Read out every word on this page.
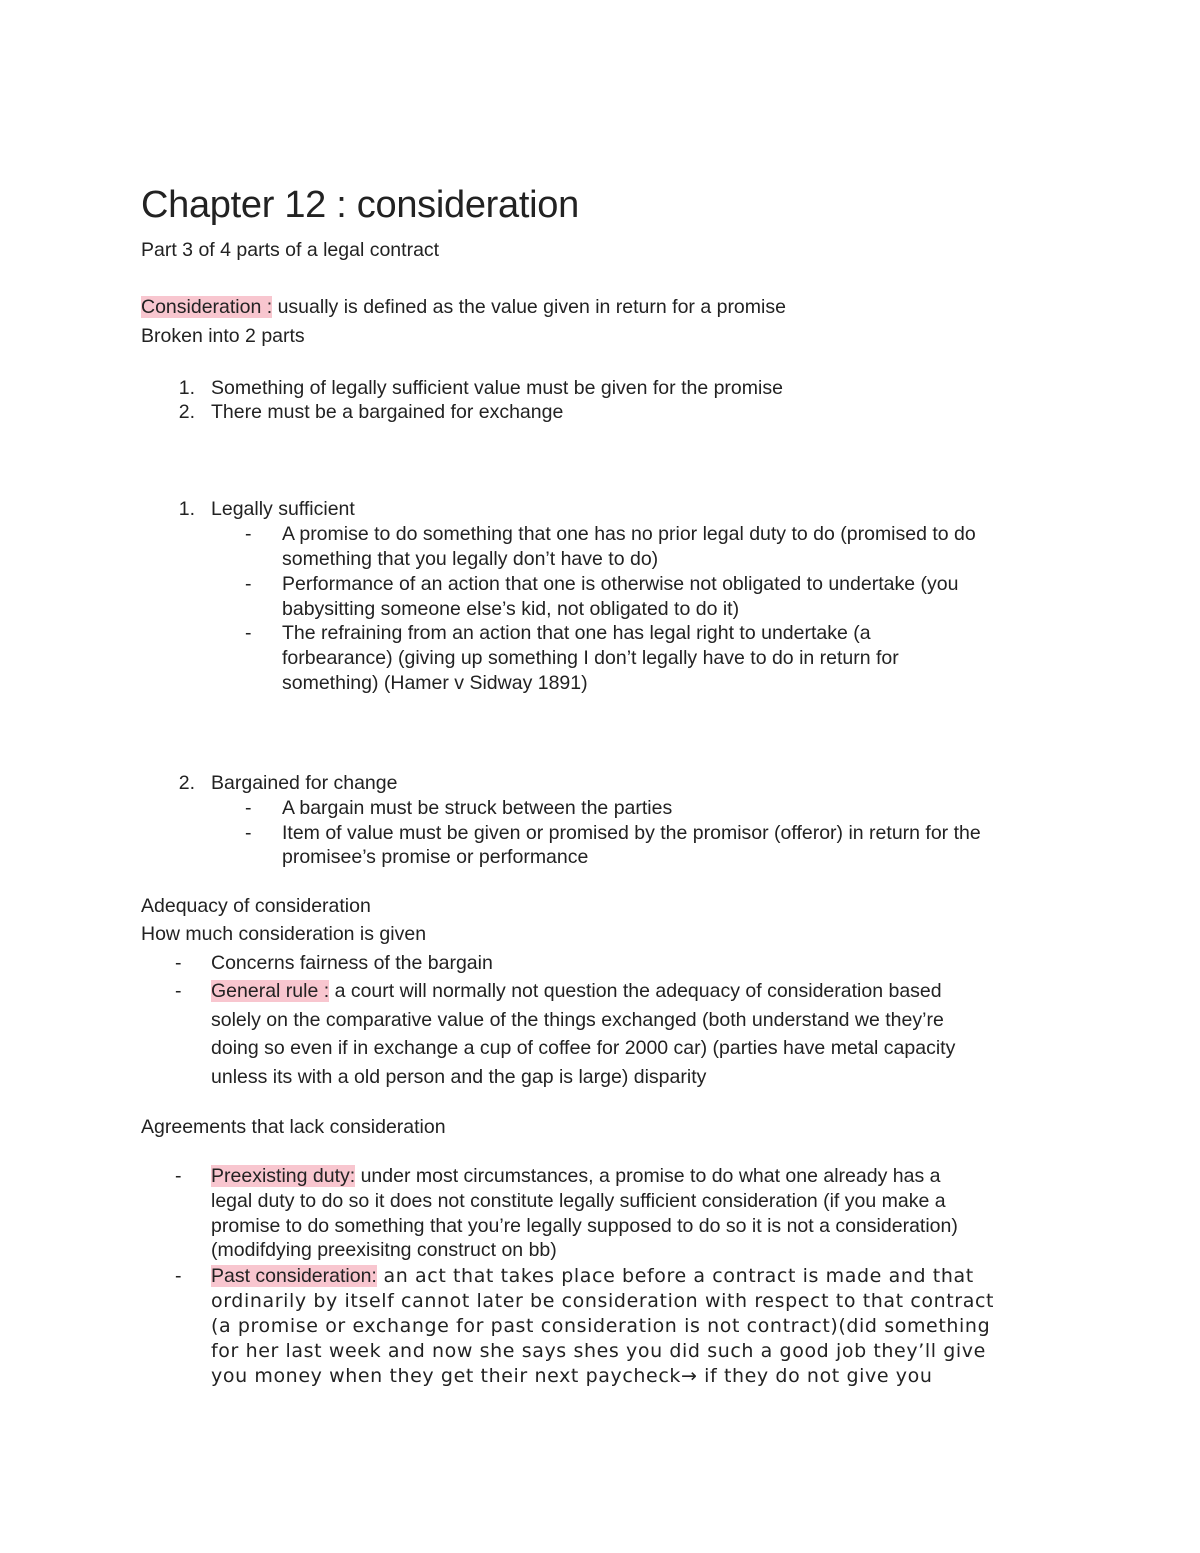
Chapter 12 : consideration
Part 3 of 4 parts of a legal contract
Consideration : usually is defined as the value given in return for a promise
Broken into 2 parts
1. Something of legally sufficient value must be given for the promise
2. There must be a bargained for exchange
1. Legally sufficient
- A promise to do something that one has no prior legal duty to do (promised to do
something that you legally don’t have to do)
- Performance of an action that one is otherwise not obligated to undertake (you
babysitting someone else’s kid, not obligated to do it)
- The refraining from an action that one has legal right to undertake (a
forbearance) (giving up something I don’t legally have to do in return for
something) (Hamer v Sidway 1891)
2. Bargained for change
- A bargain must be struck between the parties
- Item of value must be given or promised by the promisor (offeror) in return for the
promisee’s promise or performance
Adequacy of consideration
How much consideration is given
- Concerns fairness of the bargain
- General rule : a court will normally not question the adequacy of consideration based
solely on the comparative value of the things exchanged (both understand we they’re
doing so even if in exchange a cup of coffee for 2000 car) (parties have metal capacity
unless its with a old person and the gap is large) disparity
Agreements that lack consideration
- Preexisting duty: under most circumstances, a promise to do what one already has a
legal duty to do so it does not constitute legally sufficient consideration (if you make a
promise to do something that you’re legally supposed to do so it is not a consideration)
(modifdying preexisitng construct on bb)
- Past consideration: an act that takes place before a contract is made and that
ordinarily by itself cannot later be consideration with respect to that contract
(a promise or exchange for past consideration is not contract)(did something
for her last week and now she says shes you did such a good job they’ll give
you money when they get their next paycheck→ if they do not give you
